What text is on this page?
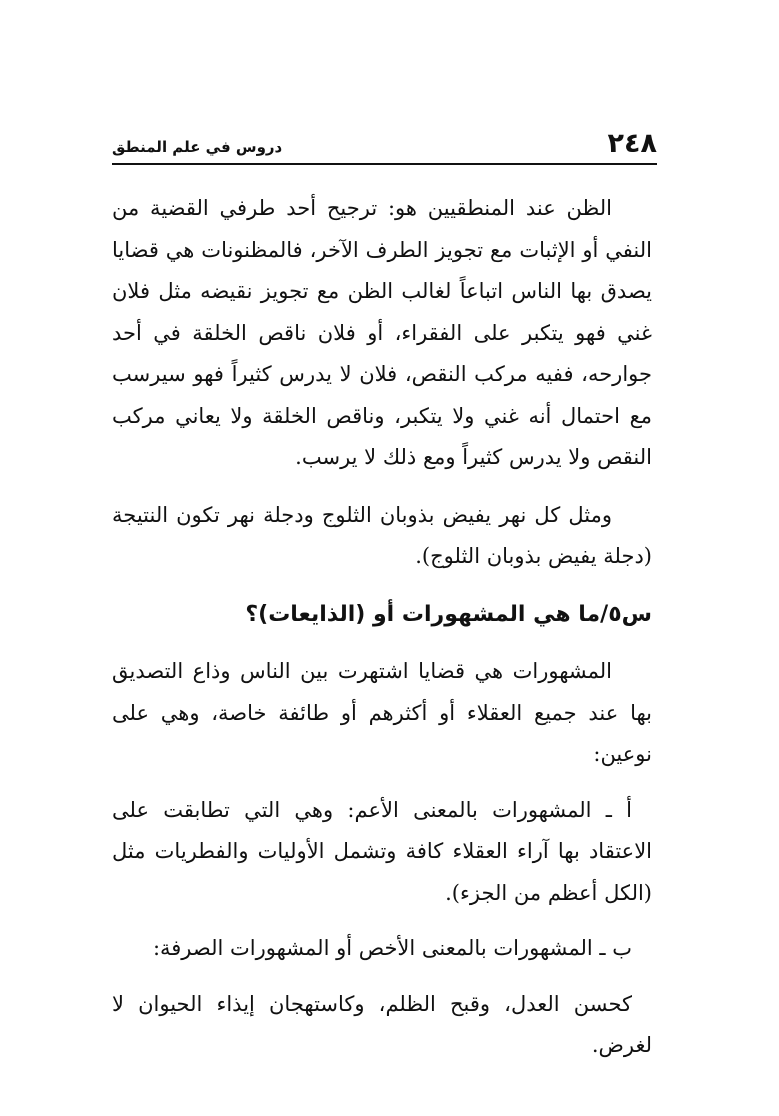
٢٤٨
دروس في علم المنطق

الظن عند المنطقيين هو: ترجيح أحد طرفي القضية من النفي أو الإثبات مع تجويز الطرف الآخر، فالمظنونات هي قضايا يصدق بها الناس اتباعاً لغالب الظن مع تجويز نقيضه مثل فلان غني فهو يتكبر على الفقراء، أو فلان ناقص الخلقة في أحد جوارحه، ففيه مركب النقص، فلان لا يدرس كثيراً فهو سيرسب مع احتمال أنه غني ولا يتكبر، وناقص الخلقة ولا يعاني مركب النقص ولا يدرس كثيراً ومع ذلك لا يرسب.

ومثل كل نهر يفيض بذوبان الثلوج ودجلة نهر تكون النتيجة (دجلة يفيض بذوبان الثلوج).

س٥/ما هي المشهورات أو (الذايعات)؟

المشهورات هي قضايا اشتهرت بين الناس وذاع التصديق بها عند جميع العقلاء أو أكثرهم أو طائفة خاصة، وهي على نوعين:

أ ـ المشهورات بالمعنى الأعم: وهي التي تطابقت على الاعتقاد بها آراء العقلاء كافة وتشمل الأوليات والفطريات مثل (الكل أعظم من الجزء).

ب ـ المشهورات بالمعنى الأخص أو المشهورات الصرفة:

كحسن العدل، وقبح الظلم، وكاستهجان إيذاء الحيوان لا لغرض.
